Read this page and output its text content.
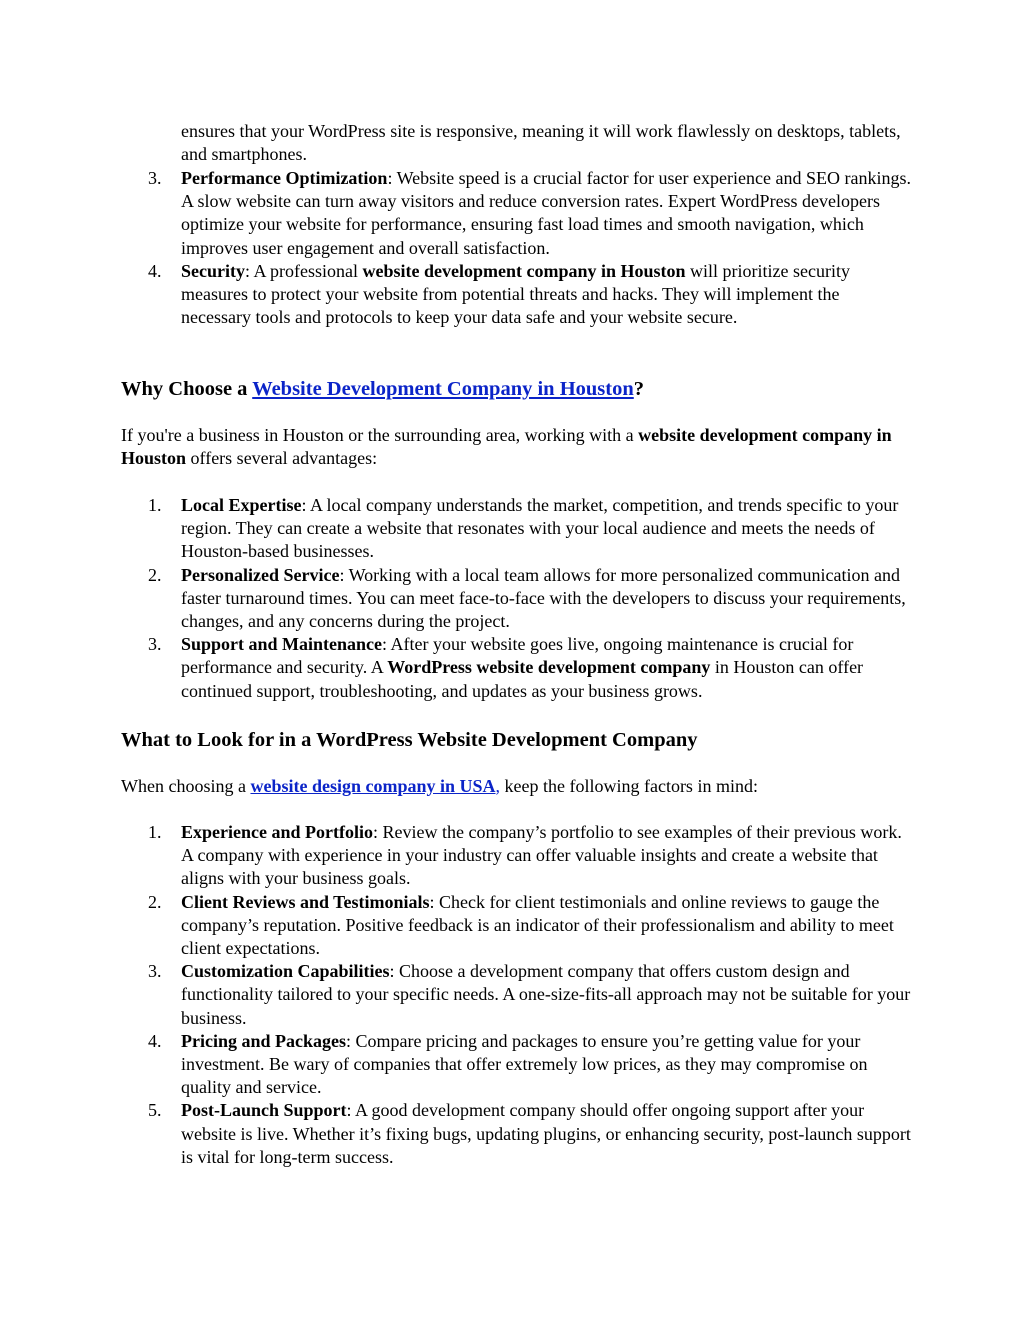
ensures that your WordPress site is responsive, meaning it will work flawlessly on desktops, tablets, and smartphones.

3.	Performance Optimization: Website speed is a crucial factor for user experience and SEO rankings. A slow website can turn away visitors and reduce conversion rates. Expert WordPress developers optimize your website for performance, ensuring fast load times and smooth navigation, which improves user engagement and overall satisfaction.
4.	Security: A professional website development company in Houston will prioritize security measures to protect your website from potential threats and hacks. They will implement the necessary tools and protocols to keep your data safe and your website secure.
Why Choose a Website Development Company in Houston?

If you're a business in Houston or the surrounding area, working with a website development company in Houston offers several advantages:

1.	Local Expertise: A local company understands the market, competition, and trends specific to your region. They can create a website that resonates with your local audience and meets the needs of Houston-based businesses.
2.	Personalized Service: Working with a local team allows for more personalized communication and faster turnaround times. You can meet face-to-face with the developers to discuss your requirements, changes, and any concerns during the project.
3.	Support and Maintenance: After your website goes live, ongoing maintenance is crucial for performance and security. A WordPress website development company in Houston can offer continued support, troubleshooting, and updates as your business grows.
What to Look for in a WordPress Website Development Company

When choosing a website design company in USA, keep the following factors in mind:

1.	Experience and Portfolio: Review the company’s portfolio to see examples of their previous work. A company with experience in your industry can offer valuable insights and create a website that aligns with your business goals.
2.	Client Reviews and Testimonials: Check for client testimonials and online reviews to gauge the company’s reputation. Positive feedback is an indicator of their professionalism and ability to meet client expectations.
3.	Customization Capabilities: Choose a development company that offers custom design and functionality tailored to your specific needs. A one-size-fits-all approach may not be suitable for your business.
4.	Pricing and Packages: Compare pricing and packages to ensure you’re getting value for your investment. Be wary of companies that offer extremely low prices, as they may compromise on quality and service.
5.	Post-Launch Support: A good development company should offer ongoing support after your website is live. Whether it’s fixing bugs, updating plugins, or enhancing security, post-launch support is vital for long-term success.
